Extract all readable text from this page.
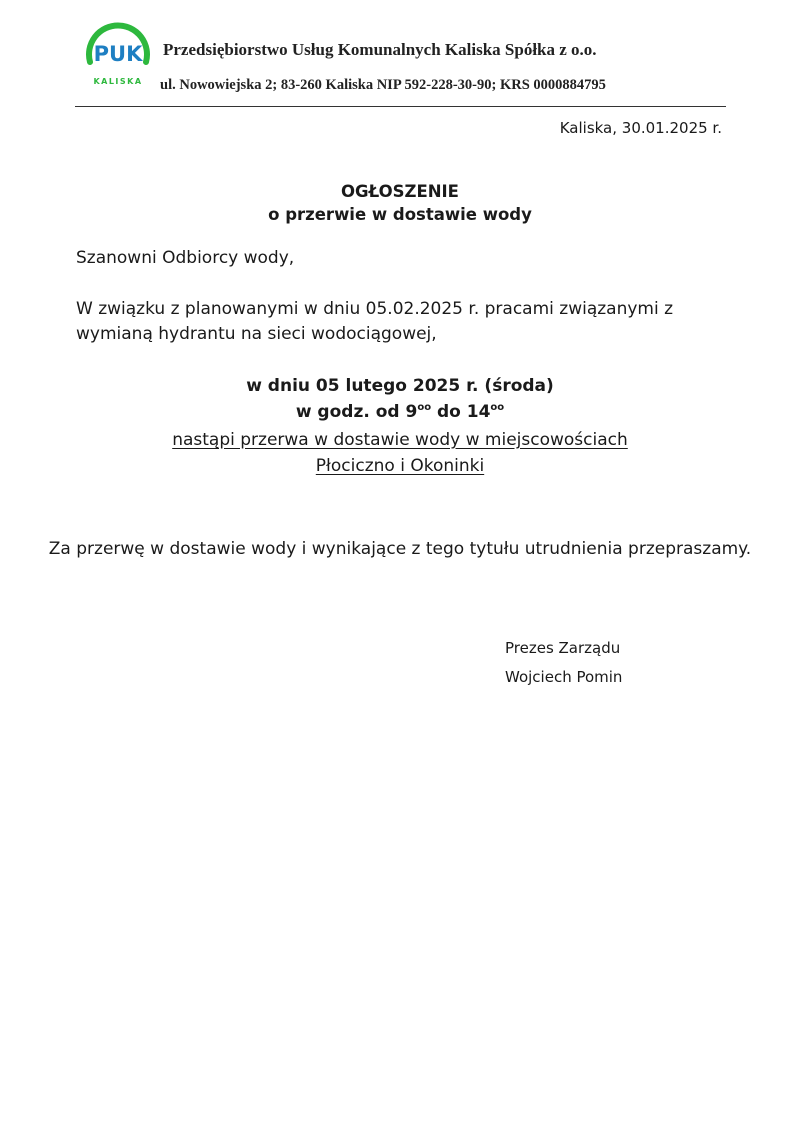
PUK
KALISKA
Przedsiębiorstwo Usług Komunalnych Kaliska Spółka z o.o.
ul. Nowowiejska 2; 83-260 Kaliska NIP 592-228-30-90; KRS 0000884795
Kaliska, 30.01.2025 r.
OGŁOSZENIE
o przerwie w dostawie wody
Szanowni Odbiorcy wody,
W związku z planowanymi w dniu 05.02.2025 r. pracami związanymi z wymianą hydrantu na sieci wodociągowej,
w dniu 05 lutego 2025 r. (środa)
w godz. od $9^{oo}$ do $14^{oo}$
nastąpi przerwa w dostawie wody w miejscowościach
Płociczno i Okoninki
Za przerwę w dostawie wody i wynikające z tego tytułu utrudnienia przepraszamy.
Prezes Zarządu
Wojciech Pomin
